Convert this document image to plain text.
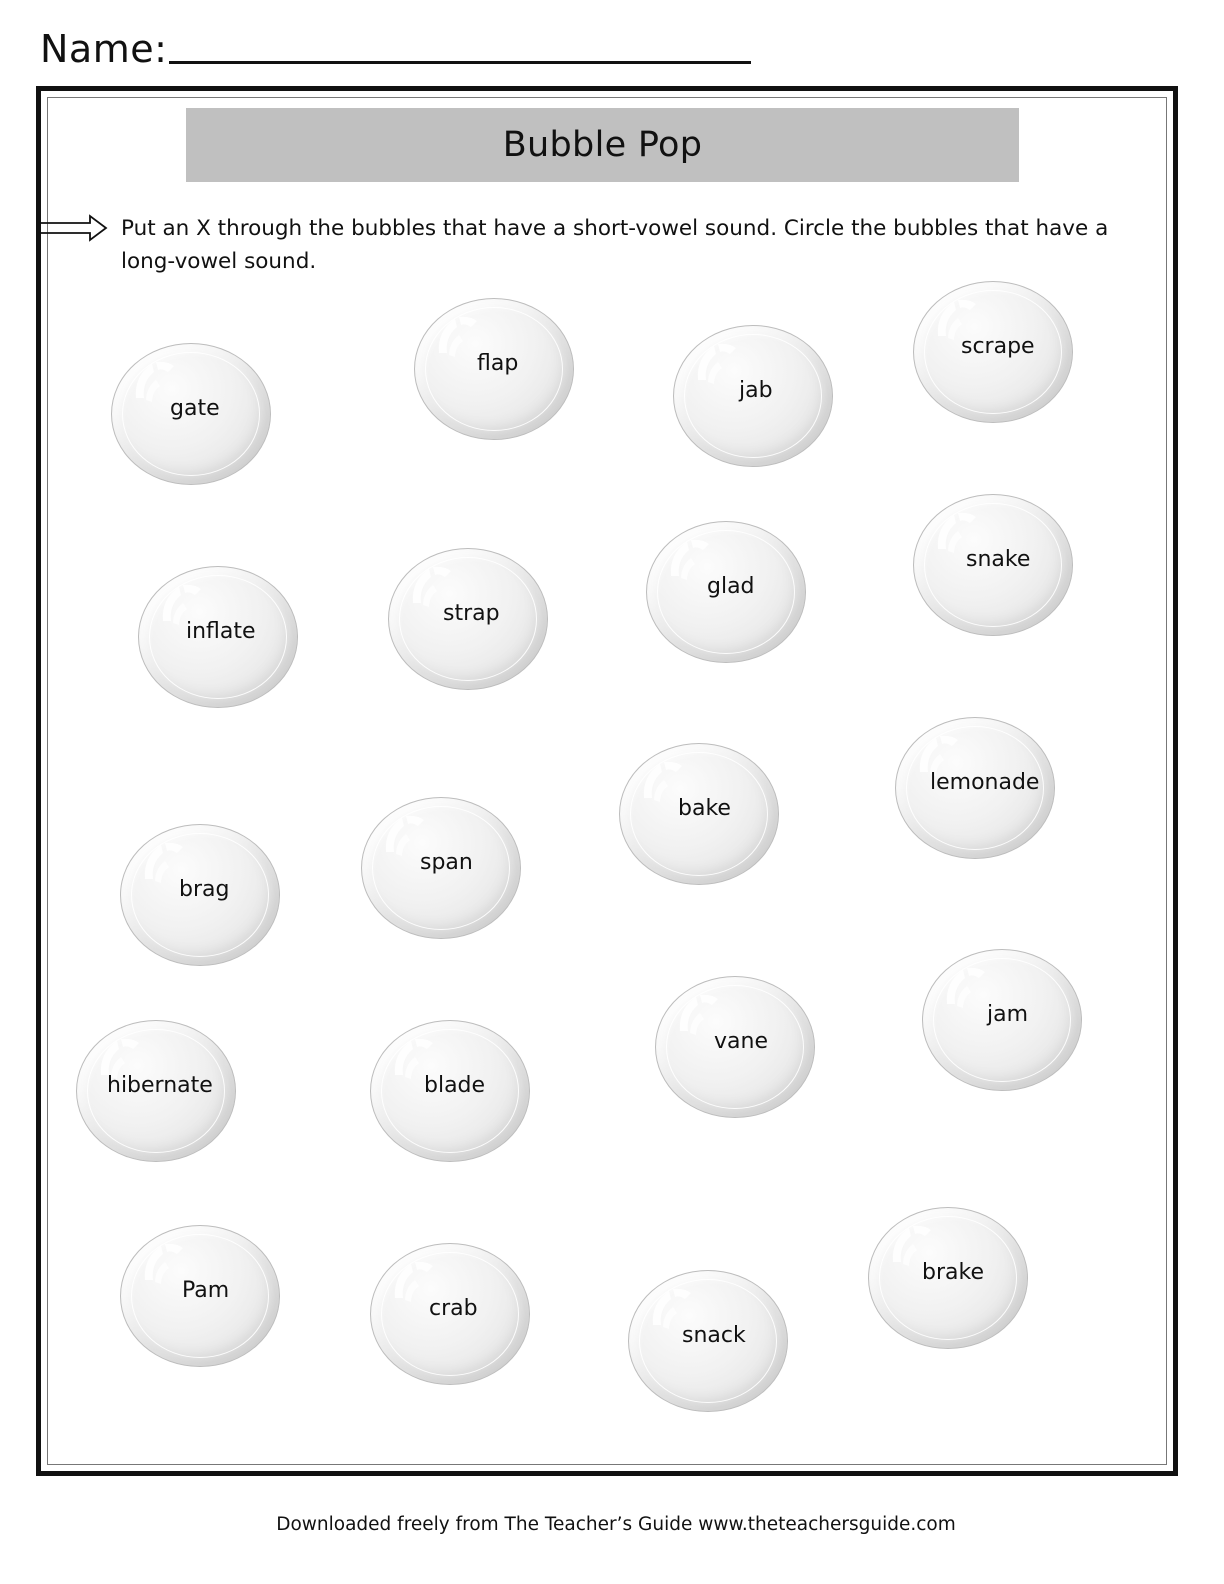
Name:
Bubble Pop
Put an X through the bubbles that have a short-vowel sound. Circle the bubbles that have a long-vowel sound.
gate
flap
jab
scrape
inflate
strap
glad
snake
brag
span
bake
lemonade
hibernate	blade
vane
jam
Pam
crab
snack
brake
Downloaded freely from The Teacher’s Guide www.theteachersguide.com
